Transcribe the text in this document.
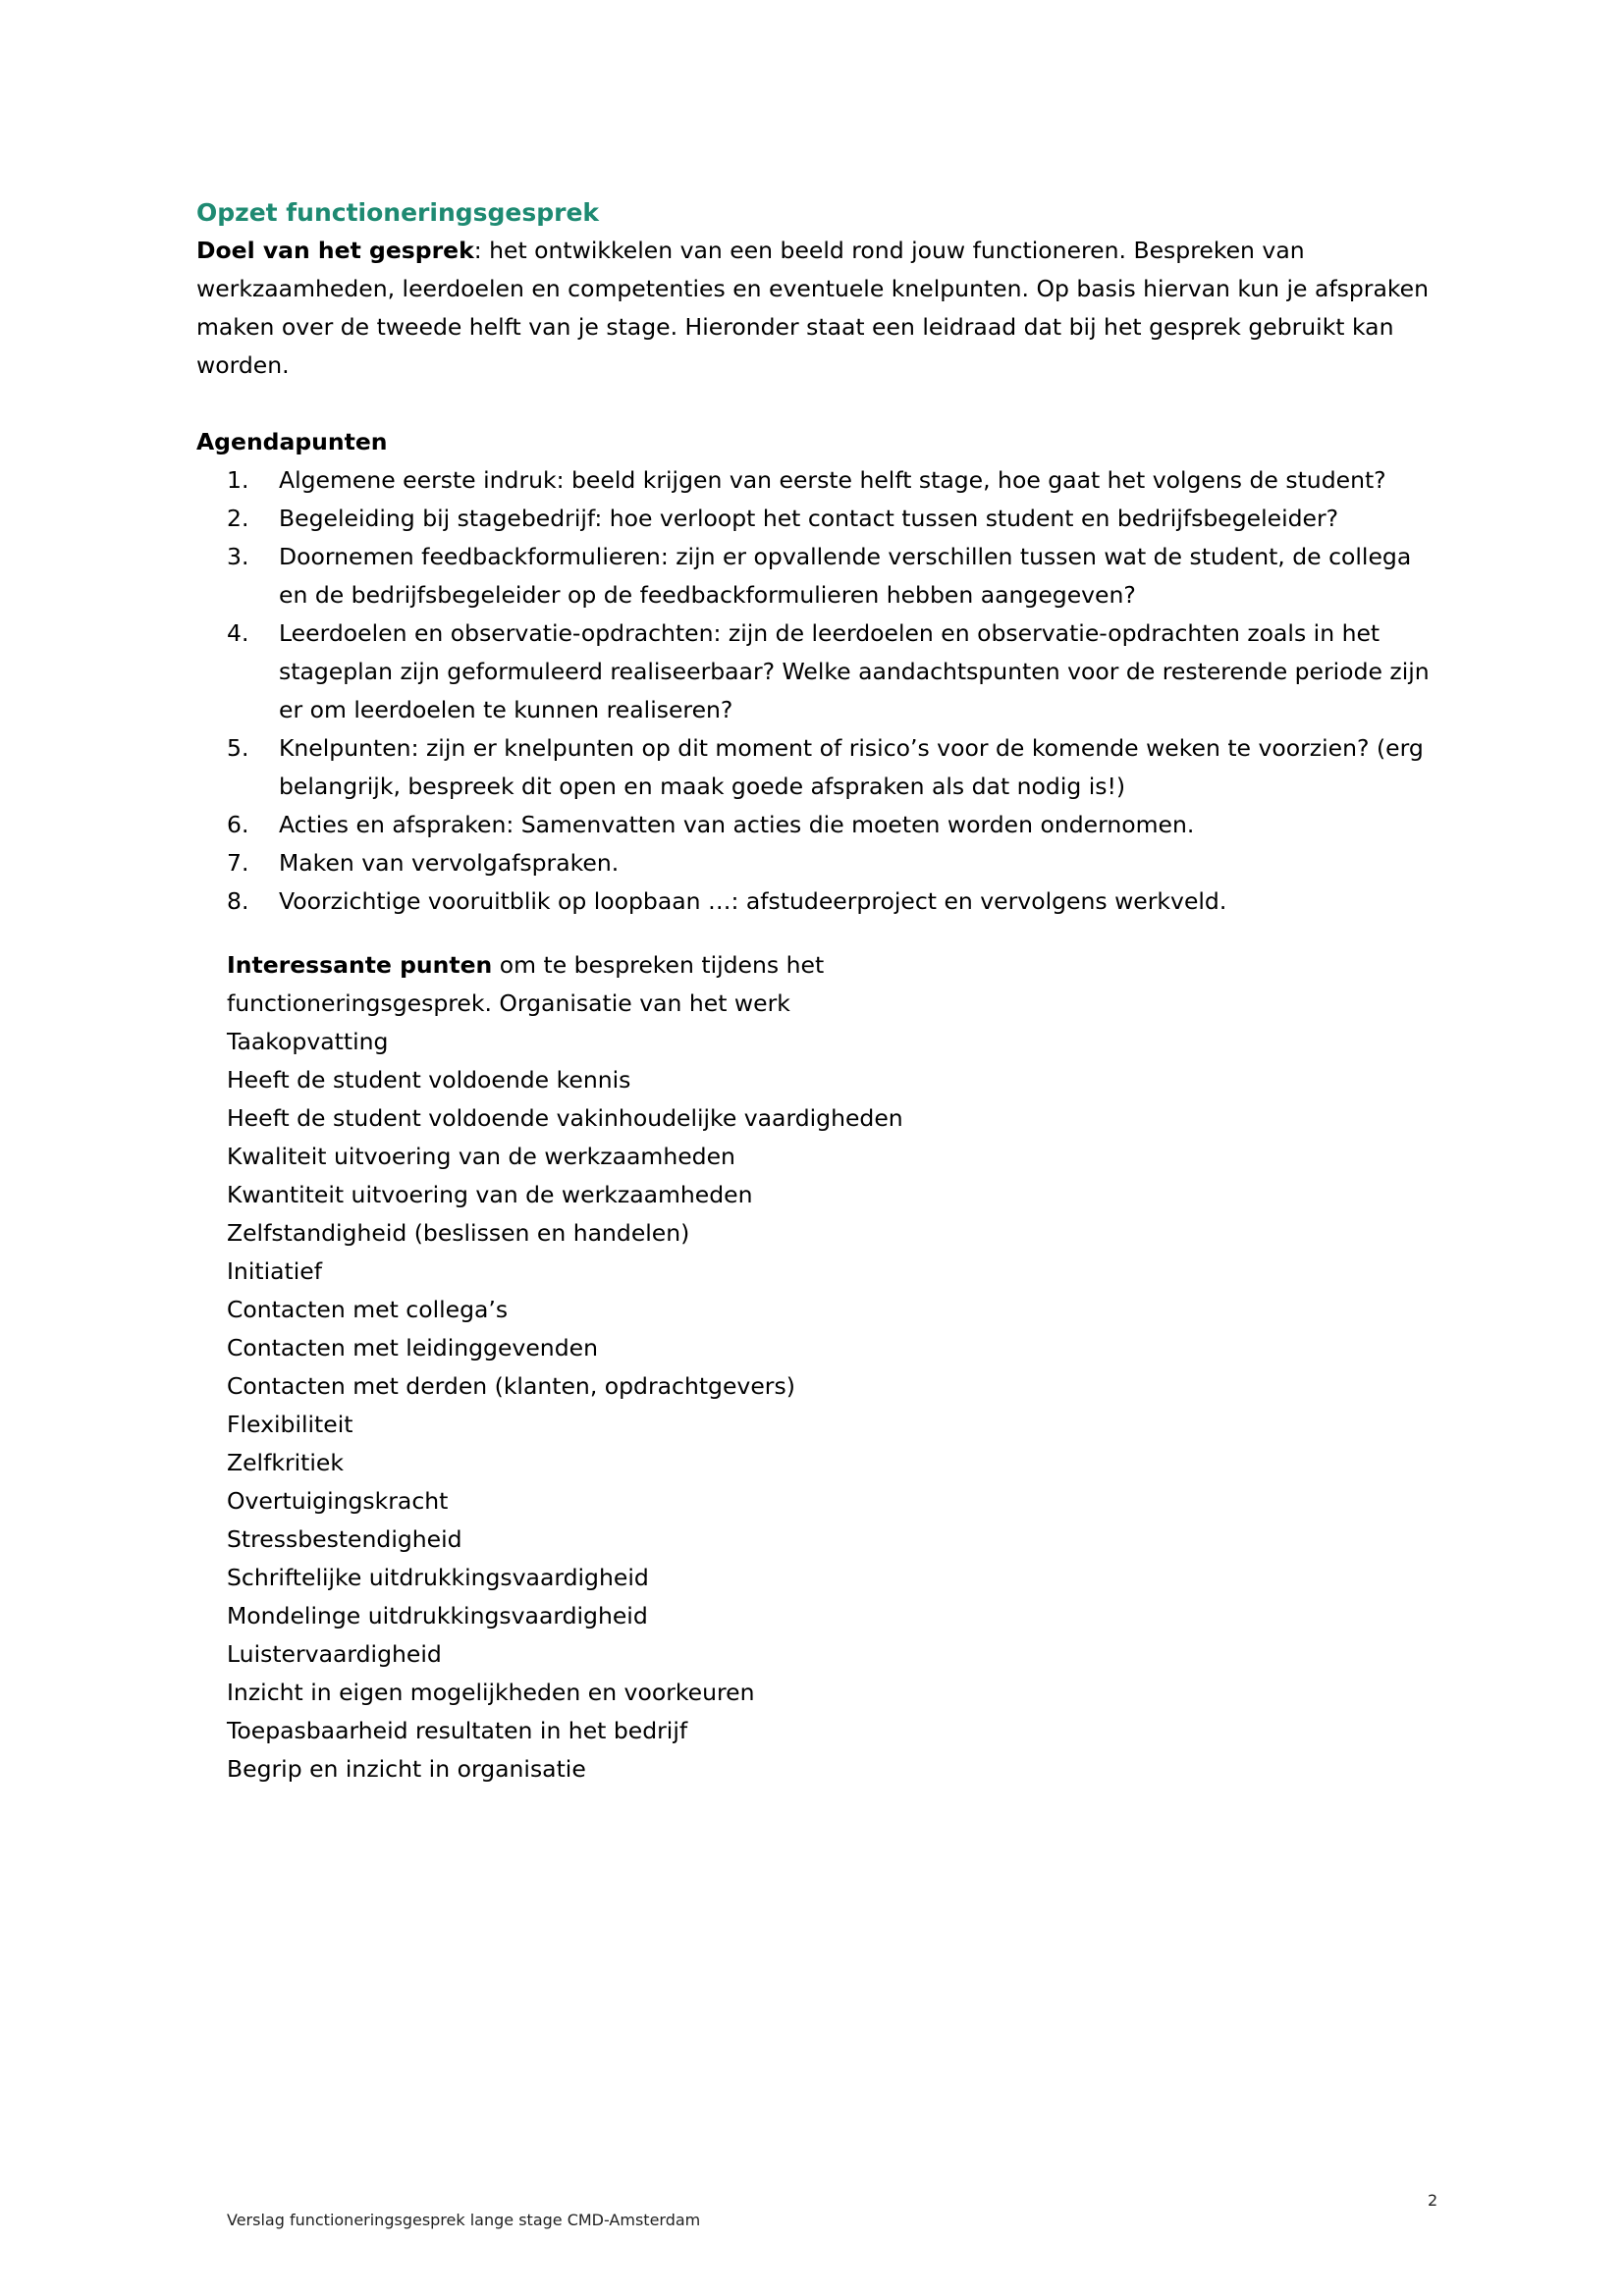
Opzet functioneringsgesprek

Doel van het gesprek: het ontwikkelen van een beeld rond jouw functioneren. Bespreken van werkzaamheden, leerdoelen en competenties en eventuele knelpunten. Op basis hiervan kun je afspraken maken over de tweede helft van je stage. Hieronder staat een leidraad dat bij het gesprek gebruikt kan worden.

Agendapunten
1. Algemene eerste indruk: beeld krijgen van eerste helft stage, hoe gaat het volgens de student?
2. Begeleiding bij stagebedrijf: hoe verloopt het contact tussen student en bedrijfsbegeleider?
3. Doornemen feedbackformulieren: zijn er opvallende verschillen tussen wat de student, de collega en de bedrijfsbegeleider op de feedbackformulieren hebben aangegeven?
4. Leerdoelen en observatie-opdrachten: zijn de leerdoelen en observatie-opdrachten zoals in het stageplan zijn geformuleerd realiseerbaar? Welke aandachtspunten voor de resterende periode zijn er om leerdoelen te kunnen realiseren?
5. Knelpunten: zijn er knelpunten op dit moment of risico’s voor de komende weken te voorzien? (erg belangrijk, bespreek dit open en maak goede afspraken als dat nodig is!)
6. Acties en afspraken: Samenvatten van acties die moeten worden ondernomen.
7. Maken van vervolgafspraken.
8. Voorzichtige vooruitblik op loopbaan …: afstudeerproject en vervolgens werkveld.
Interessante punten om te bespreken tijdens het
functioneringsgesprek. Organisatie van het werk
Taakopvatting
Heeft de student voldoende kennis
Heeft de student voldoende vakinhoudelijke vaardigheden
Kwaliteit uitvoering van de werkzaamheden
Kwantiteit uitvoering van de werkzaamheden
Zelfstandigheid (beslissen en handelen)
Initiatief
Contacten met collega’s
Contacten met leidinggevenden
Contacten met derden (klanten, opdrachtgevers)
Flexibiliteit
Zelfkritiek
Overtuigingskracht
Stressbestendigheid
Schriftelijke uitdrukkingsvaardigheid
Mondelinge uitdrukkingsvaardigheid
Luistervaardigheid
Inzicht in eigen mogelijkheden en voorkeuren
Toepasbaarheid resultaten in het bedrijf
Begrip en inzicht in organisatie
2
Verslag functioneringsgesprek lange stage CMD-Amsterdam
